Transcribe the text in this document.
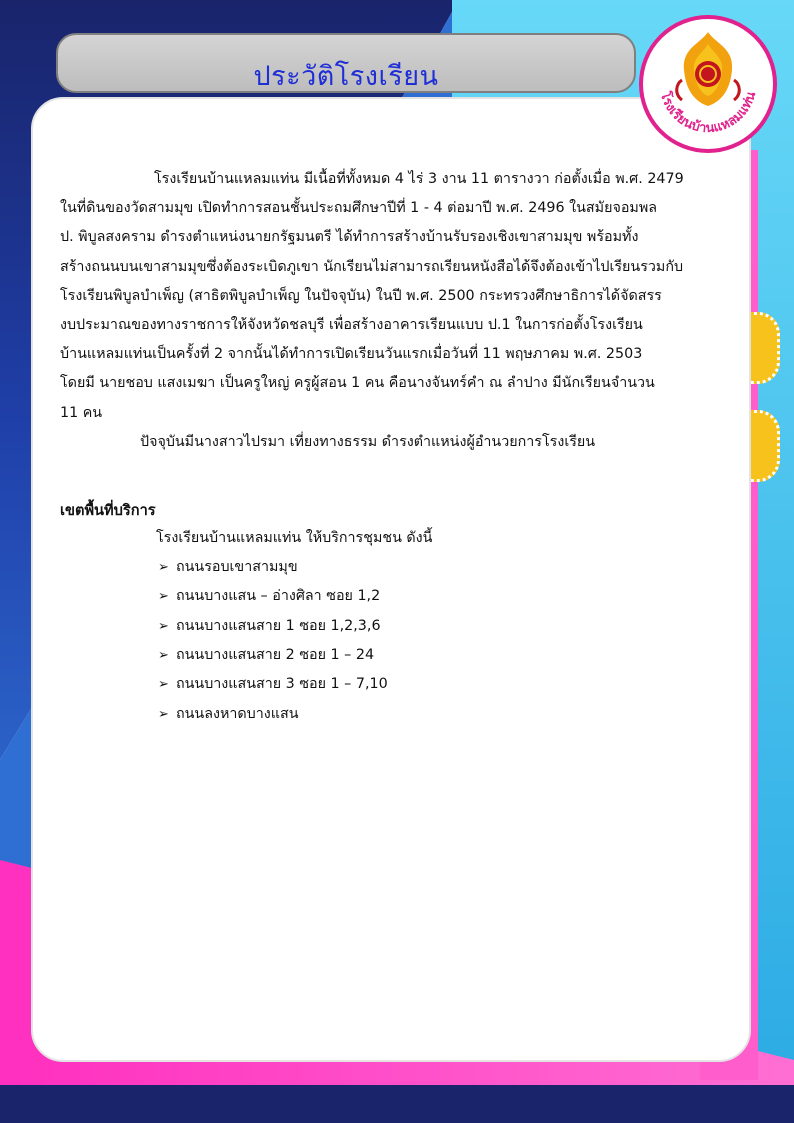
ประวัติโรงเรียน
โรงเรียนบ้านแหลมแท่น

โรงเรียนบ้านแหลมแท่น มีเนื้อที่ทั้งหมด 4 ไร่ 3 งาน 11 ตารางวา ก่อตั้งเมื่อ พ.ศ. 2479

ในที่ดินของวัดสามมุข เปิดทำการสอนชั้นประถมศึกษาปีที่ 1 - 4 ต่อมาปี พ.ศ. 2496 ในสมัยจอมพล

ป. พิบูลสงคราม ดำรงตำแหน่งนายกรัฐมนตรี ได้ทำการสร้างบ้านรับรองเชิงเขาสามมุข พร้อมทั้ง

สร้างถนนบนเขาสามมุขซึ่งต้องระเบิดภูเขา นักเรียนไม่สามารถเรียนหนังสือได้จึงต้องเข้าไปเรียนรวมกับ

โรงเรียนพิบูลบำเพ็ญ (สาธิตพิบูลบำเพ็ญ ในปัจจุบัน) ในปี พ.ศ. 2500 กระทรวงศึกษาธิการได้จัดสรร

งบประมาณของทางราชการให้จังหวัดชลบุรี เพื่อสร้างอาคารเรียนแบบ ป.1 ในการก่อตั้งโรงเรียน

บ้านแหลมแท่นเป็นครั้งที่ 2 จากนั้นได้ทำการเปิดเรียนวันแรกเมื่อวันที่ 11 พฤษภาคม พ.ศ. 2503

โดยมี นายชอบ แสงเมฆา เป็นครูใหญ่ ครูผู้สอน 1 คน คือนางจันทร์คำ ณ ลำปาง มีนักเรียนจำนวน

11 คน

ปัจจุบันมีนางสาวไปรมา เที่ยงทางธรรม ดำรงตำแหน่งผู้อำนวยการโรงเรียน

เขตพื้นที่บริการ

โรงเรียนบ้านแหลมแท่น ให้บริการชุมชน ดังนี้

➢ ถนนรอบเขาสามมุข
➢ ถนนบางแสน – อ่างศิลา ซอย 1,2
➢ ถนนบางแสนสาย 1 ซอย 1,2,3,6
➢ ถนนบางแสนสาย 2 ซอย 1 – 24
➢ ถนนบางแสนสาย 3 ซอย 1 – 7,10
➢ ถนนลงหาดบางแสน
